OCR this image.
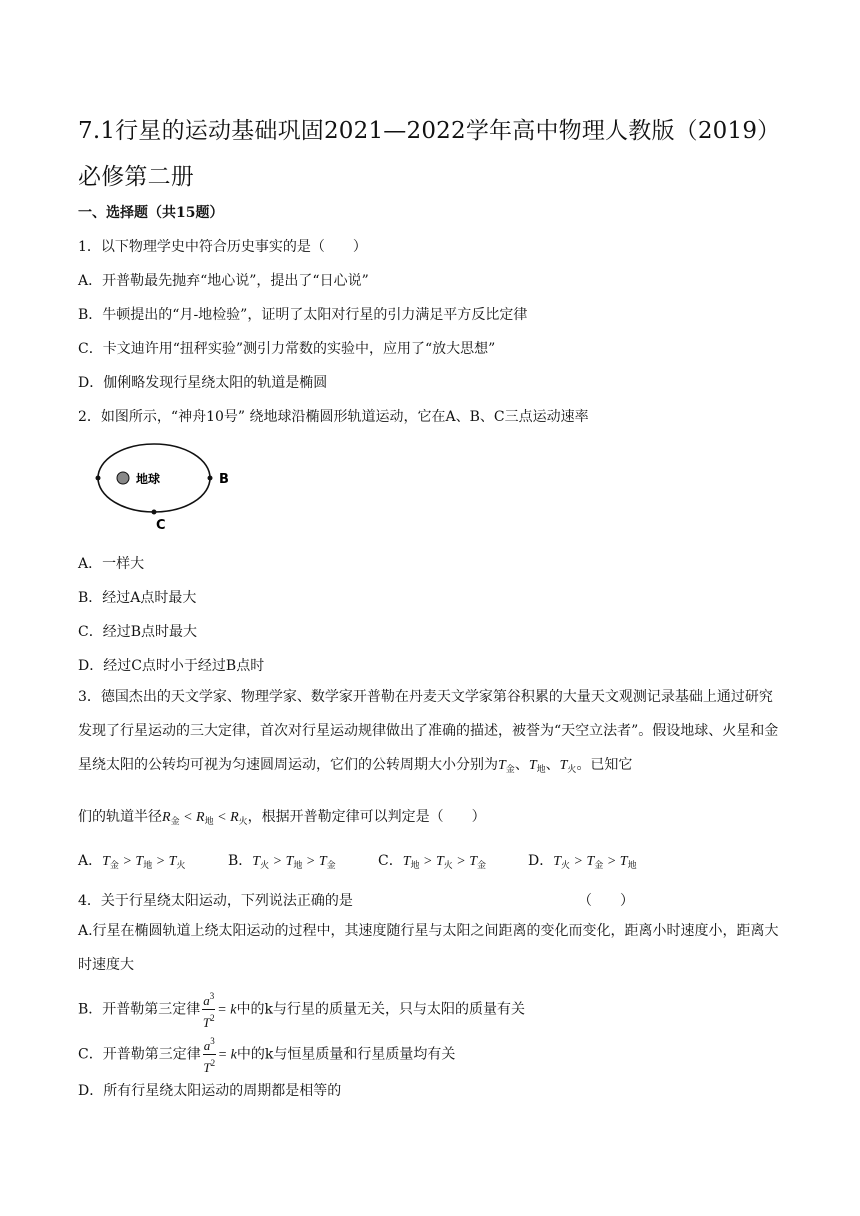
7.1行星的运动基础巩固2021—2022学年高中物理人教版（2019）必修第二册
一、选择题（共15题）
1．以下物理学史中符合历史事实的是（　　）
A．开普勒最先抛弃“地心说”，提出了“日心说”
B．牛顿提出的“月-地检验”，证明了太阳对行星的引力满足平方反比定律
C．卡文迪许用“扭秤实验”测引力常数的实验中，应用了“放大思想”
D．伽俐略发现行星绕太阳的轨道是椭圆
2．如图所示，“神舟10号” 绕地球沿椭圆形轨道运动，它在A、B、C三点运动速率
地球	B
C
A．一样大
B．经过A点时最大
C．经过B点时最大
D．经过C点时小于经过B点时
3．德国杰出的天文学家、物理学家、数学家开普勒在丹麦天文学家第谷积累的大量天文观测记录基础上通过研究发现了行星运动的三大定律，首次对行星运动规律做出了准确的描述，被誉为“天空立法者”。假设地球、火星和金星绕太阳的公转均可视为匀速圆周运动，它们的公转周期大小分别为$T_金$、$T_地$、$T_火$。已知它
们的轨道半径$R_金 < R_地 < R_火$，根据开普勒定律可以判定是（　　）
A．$T_金 > T_地 > T_火$	B．$T_火 > T_地 > T_金$	C．$T_地 > T_火 > T_金$	D．$T_火 > T_金 > T_地$
4．关于行星绕太阳运动，下列说法正确的是	（　　）
A.行星在椭圆轨道上绕太阳运动的过程中，其速度随行星与太阳之间距离的变化而变化，距离小时速度小，距离大时速度大
B．开普勒第三定律 $\frac{a^3}{T^2} = k$中的k与行星的质量无关，只与太阳的质量有关
C．开普勒第三定律 $\frac{a^3}{T^2} = k$中的k与恒星质量和行星质量均有关
D．所有行星绕太阳运动的周期都是相等的
